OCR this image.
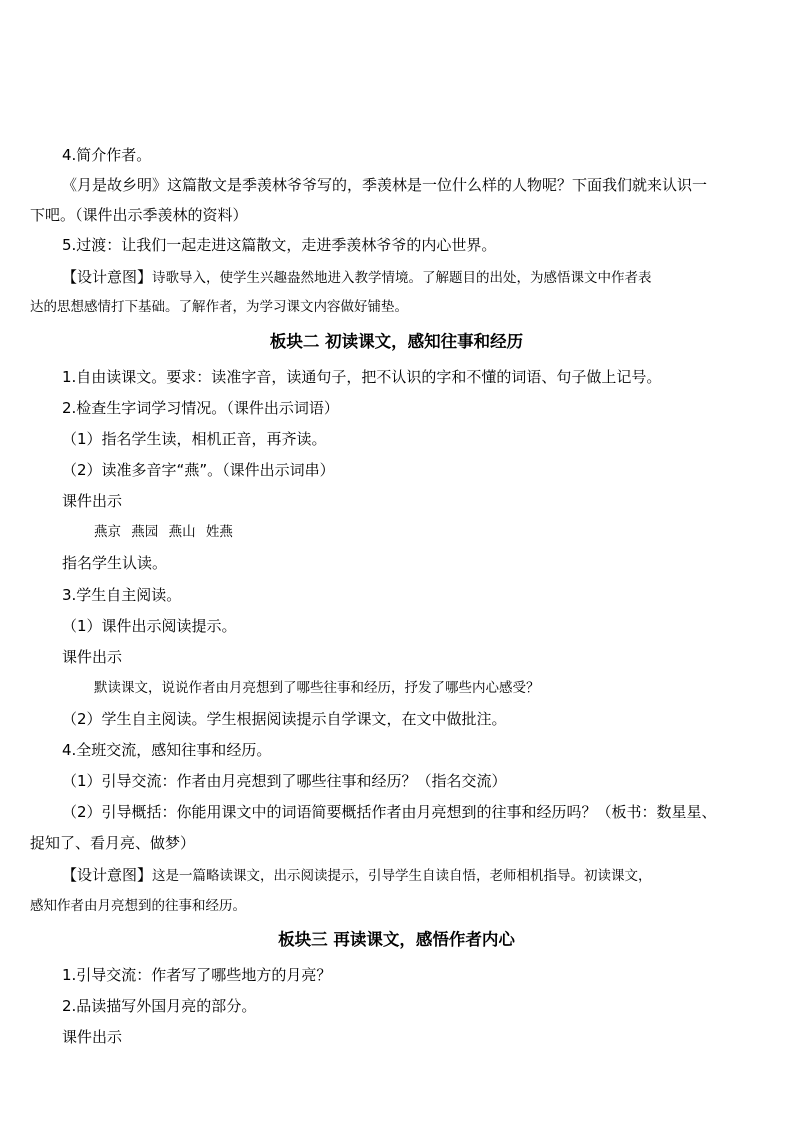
4.简介作者。
《月是故乡明》这篇散文是季羡林爷爷写的，季羡林是一位什么样的人物呢？下面我们就来认识一
下吧。（课件出示季羡林的资料）
5.过渡：让我们一起走进这篇散文，走进季羡林爷爷的内心世界。
【设计意图】诗歌导入，使学生兴趣盎然地进入教学情境。了解题目的出处，为感悟课文中作者表
达的思想感情打下基础。了解作者，为学习课文内容做好铺垫。
板块二 初读课文，感知往事和经历
1.自由读课文。要求：读准字音，读通句子，把不认识的字和不懂的词语、句子做上记号。
2.检查生字词学习情况。（课件出示词语）
（1）指名学生读，相机正音，再齐读。
（2）读准多音字“燕”。（课件出示词串）
课件出示
燕京 燕园 燕山 姓燕
指名学生认读。
3.学生自主阅读。
（1）课件出示阅读提示。
课件出示
默读课文，说说作者由月亮想到了哪些往事和经历，抒发了哪些内心感受？
（2）学生自主阅读。学生根据阅读提示自学课文，在文中做批注。
4.全班交流，感知往事和经历。
（1）引导交流：作者由月亮想到了哪些往事和经历？（指名交流）
（2）引导概括：你能用课文中的词语简要概括作者由月亮想到的往事和经历吗？（板书：数星星、
捉知了、看月亮、做梦）
【设计意图】这是一篇略读课文，出示阅读提示，引导学生自读自悟，老师相机指导。初读课文，
感知作者由月亮想到的往事和经历。
板块三 再读课文，感悟作者内心
1.引导交流：作者写了哪些地方的月亮？
2.品读描写外国月亮的部分。
课件出示
